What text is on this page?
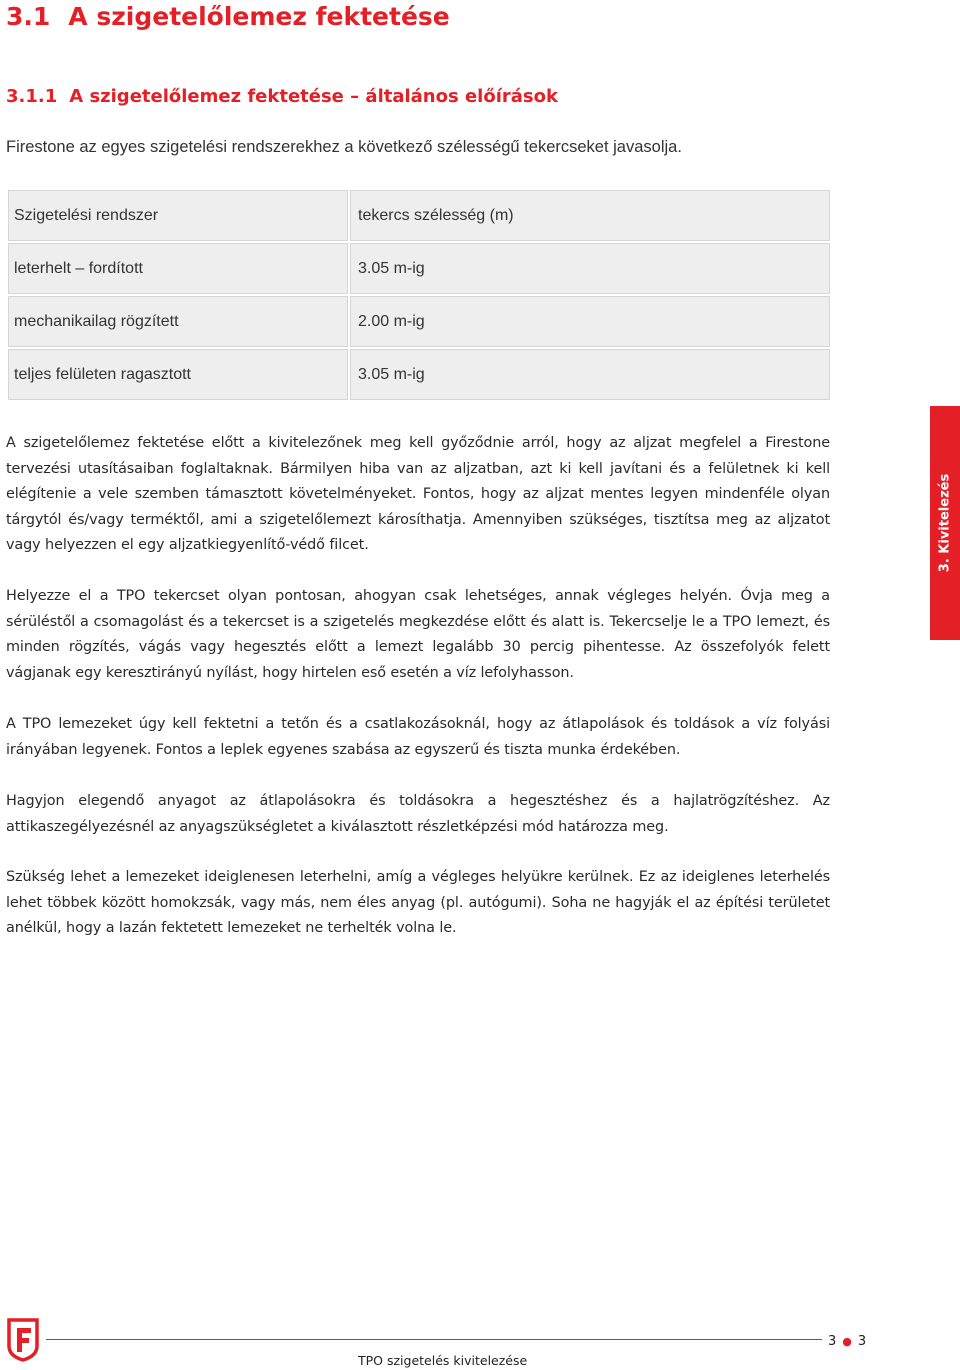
3.1 A szigetelőlemez fektetése
3.1.1 A szigetelőlemez fektetése – általános előírások
Firestone az egyes szigetelési rendszerekhez a következő szélességű tekercseket javasolja.
Szigetelési rendszer	tekercs szélesség (m)
leterhelt – fordított	3.05 m-ig
mechanikailag rögzített	2.00 m-ig
teljes felületen ragasztott	3.05 m-ig

A szigetelőlemez fektetése előtt a kivitelezőnek meg kell győződnie arról, hogy az aljzat megfelel a Firestone tervezési utasításaiban foglaltaknak. Bármilyen hiba van az aljzatban, azt ki kell javítani és a felületnek ki kell elégítenie a vele szemben támasztott követelményeket. Fontos, hogy az aljzat mentes legyen mindenféle olyan tárgytól és/vagy terméktől, ami a szigetelőlemezt károsíthatja. Amennyiben szükséges, tisztítsa meg az aljzatot vagy helyezzen el egy aljzatkiegyenlítő-védő filcet.

Helyezze el a TPO tekercset olyan pontosan, ahogyan csak lehetséges, annak végleges helyén. Óvja meg a sérüléstől a csomagolást és a tekercset is a szigetelés megkezdése előtt és alatt is. Tekercselje le a TPO lemezt, és minden rögzítés, vágás vagy hegesztés előtt a lemezt legalább 30 percig pihentesse. Az összefolyók felett vágjanak egy keresztirányú nyílást, hogy hirtelen eső esetén a víz lefolyhasson.

A TPO lemezeket úgy kell fektetni a tetőn és a csatlakozásoknál, hogy az átlapolások és toldások a víz folyási irányában legyenek. Fontos a leplek egyenes szabása az egyszerű és tiszta munka érdekében.

Hagyjon elegendő anyagot az átlapolásokra és toldásokra a hegesztéshez és a hajlatrögzítéshez. Az attikaszegélyezésnél az anyagszükségletet a kiválasztott részletképzési mód határozza meg.

Szükség lehet a lemezeket ideiglenesen leterhelni, amíg a végleges helyükre kerülnek. Ez az ideiglenes leterhelés lehet többek között homokzsák, vagy más, nem éles anyag (pl. autógumi). Soha ne hagyják el az építési területet anélkül, hogy a lazán fektetett lemezeket ne terhelték volna le.

3. Kivitelezés
3 ● 3
TPO szigetelés kivitelezése
